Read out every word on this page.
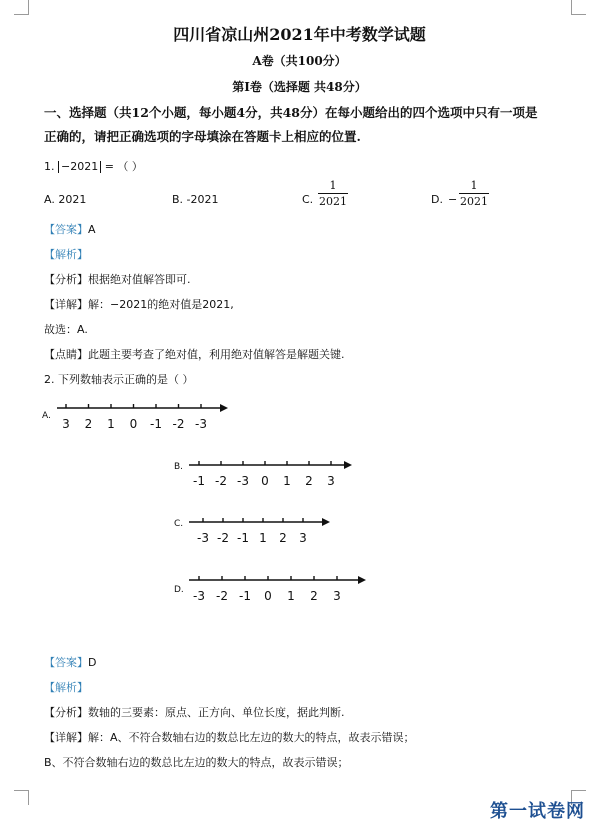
四川省凉山州2021年中考数学试题
A卷（共100分）
第I卷（选择题 共48分）
一、选择题（共12个小题，每小题4分，共48分）在每小题给出的四个选项中只有一项是
正确的，请把正确选项的字母填涂在答题卡上相应的位置.
1. −2021 = （ ）
A. 2021	B. -2021	C.
1
2021	D. −
1
2021
【答案】A
【解析】
【分析】根据绝对值解答即可.
【详解】解：−2021的绝对值是2021,
故选：A.
【点睛】此题主要考查了绝对值，利用绝对值解答是解题关键.
2. 下列数轴表示正确的是（ ）
A.
3 2 1 0 -1 -2 -3
B.
-1 -2 -3 0 1 2 3
C.
-3 -2 -1 1 2 3
D. -3 -2 -1 0 1 2 3
【答案】D
【解析】
【分析】数轴的三要素：原点、正方向、单位长度，据此判断.
【详解】解：A、不符合数轴右边的数总比左边的数大的特点，故表示错误；
B、不符合数轴右边的数总比左边的数大的特点，故表示错误；
第一试卷网
